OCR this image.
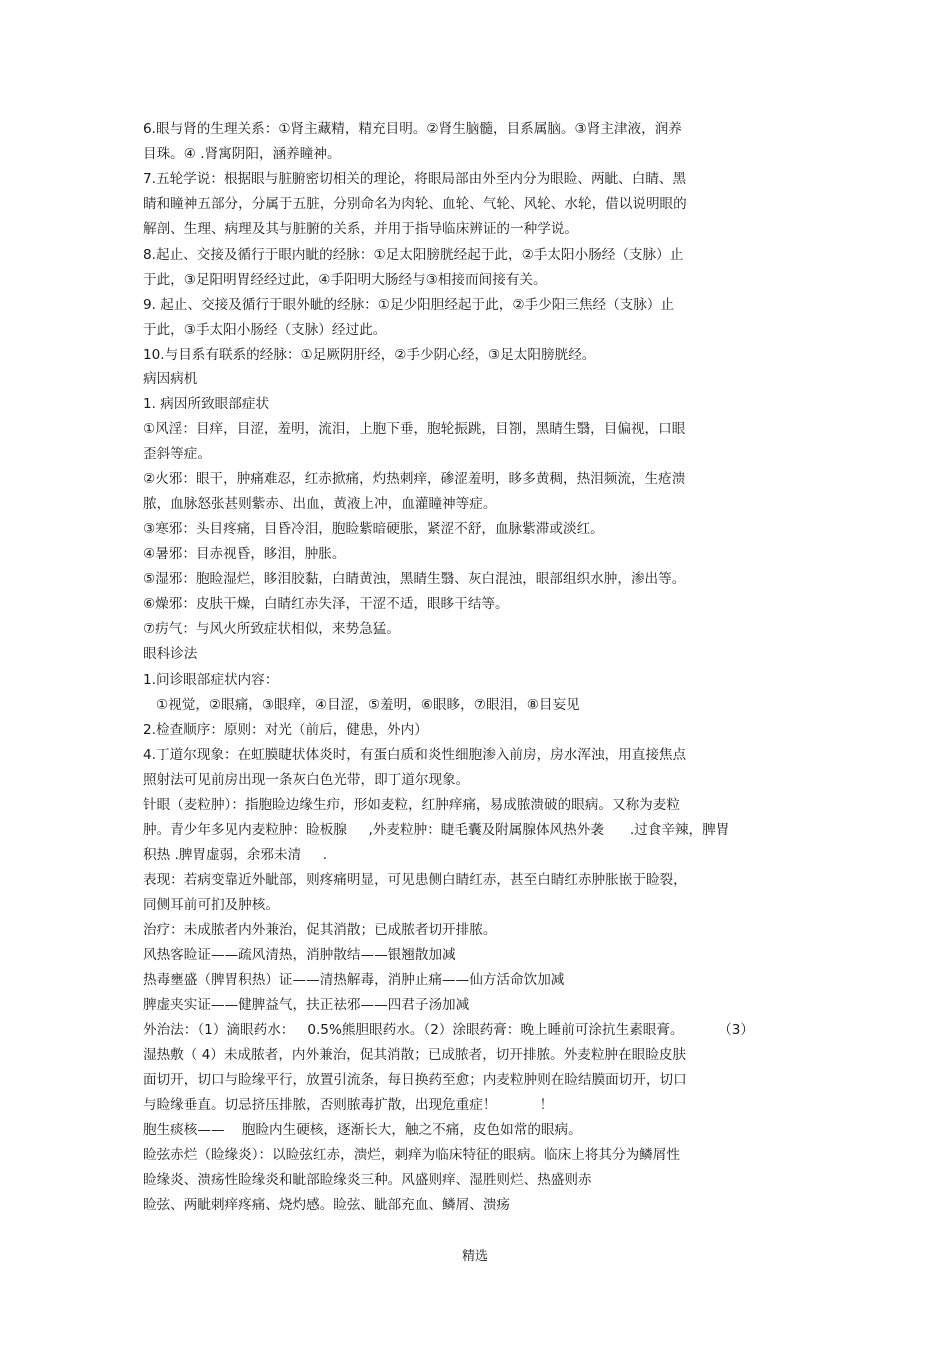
6.眼与肾的生理关系：①肾主藏精，精充目明。②肾生脑髓，目系属脑。③肾主津液，润养
目珠。④ .肾寓阴阳，涵养瞳神。
7.五轮学说：根据眼与脏腑密切相关的理论，将眼局部由外至内分为眼睑、两眦、白睛、黑
睛和瞳神五部分，分属于五脏，分别命名为肉轮、血轮、气轮、风轮、水轮，借以说明眼的
解剖、生理、病理及其与脏腑的关系，并用于指导临床辨证的一种学说。
8.起止、交接及循行于眼内眦的经脉：①足太阳膀胱经起于此，②手太阳小肠经（支脉）止
于此，③足阳明胃经经过此，④手阳明大肠经与③相接而间接有关。
9. 起止、交接及循行于眼外眦的经脉：①足少阳胆经起于此，②手少阳三焦经（支脉）止
于此，③手太阳小肠经（支脉）经过此。
10.与目系有联系的经脉：①足厥阴肝经，②手少阴心经，③足太阳膀胱经。
病因病机
1. 病因所致眼部症状
①风淫：目痒，目涩，羞明，流泪，上胞下垂，胞轮振跳，目劄，黑睛生翳，目偏视，口眼
歪斜等症。
②火邪：眼干，肿痛难忍，红赤掀痛，灼热刺痒，碜涩羞明，眵多黄稠，热泪频流，生疮溃
脓，血脉怒张甚则紫赤、出血，黄液上冲，血灌瞳神等症。
③寒邪：头目疼痛，目昏冷泪，胞睑紫暗硬胀，紧涩不舒，血脉紫滞或淡红。
④暑邪：目赤视昏，眵泪，肿胀。
⑤湿邪：胞睑湿烂，眵泪胶黏，白睛黄浊，黑睛生翳、灰白混浊，眼部组织水肿，渗出等。
⑥燥邪：皮肤干燥，白睛红赤失泽，干涩不适，眼眵干结等。
⑦疠气：与风火所致症状相似，来势急猛。
眼科诊法
1.问诊眼部症状内容：
①视觉，②眼痛，③眼痒，④目涩，⑤羞明，⑥眼眵，⑦眼泪，⑧目妄见
2.检查顺序：原则：对光（前后，健患，外内）
4.丁道尔现象：在虹膜睫状体炎时，有蛋白质和炎性细胞渗入前房，房水浑浊，用直接焦点
照射法可见前房出现一条灰白色光带，即丁道尔现象。
针眼（麦粒肿）：指胞睑边缘生疖，形如麦粒，红肿痒痛，易成脓溃破的眼病。又称为麦粒
肿。青少年多见内麦粒肿：睑板腺     ,外麦粒肿：睫毛囊及附属腺体风热外袭      .过食辛辣，脾胃
积热 .脾胃虚弱，余邪未清     .
表现：若病变靠近外眦部，则疼痛明显，可见患侧白睛红赤，甚至白睛红赤肿胀嵌于睑裂，
同侧耳前可扪及肿核。
治疗：未成脓者内外兼治，促其消散；已成脓者切开排脓。
风热客睑证——疏风清热，消肿散结——银翘散加减
热毒壅盛（脾胃积热）证——清热解毒，消肿止痛——仙方活命饮加减
脾虚夹实证——健脾益气，扶正祛邪——四君子汤加减
外治法：（1）滴眼药水：   0.5%熊胆眼药水。（2）涂眼药膏：晚上睡前可涂抗生素眼膏。        （3）
湿热敷（ 4）未成脓者，内外兼治，促其消散；已成脓者，切开排脓。外麦粒肿在眼睑皮肤
面切开，切口与睑缘平行，放置引流条，每日换药至愈；内麦粒肿则在睑结膜面切开，切口
与睑缘垂直。切忌挤压排脓，否则脓毒扩散，出现危重症！          ！
胞生痰核——    胞睑内生硬核，逐渐长大，触之不痛，皮色如常的眼病。
睑弦赤烂（睑缘炎）：以睑弦红赤，溃烂，刺痒为临床特征的眼病。临床上将其分为鳞屑性
睑缘炎、溃疡性睑缘炎和眦部睑缘炎三种。风盛则痒、湿胜则烂、热盛则赤
睑弦、两眦刺痒疼痛、烧灼感。睑弦、眦部充血、鳞屑、溃疡
精选
